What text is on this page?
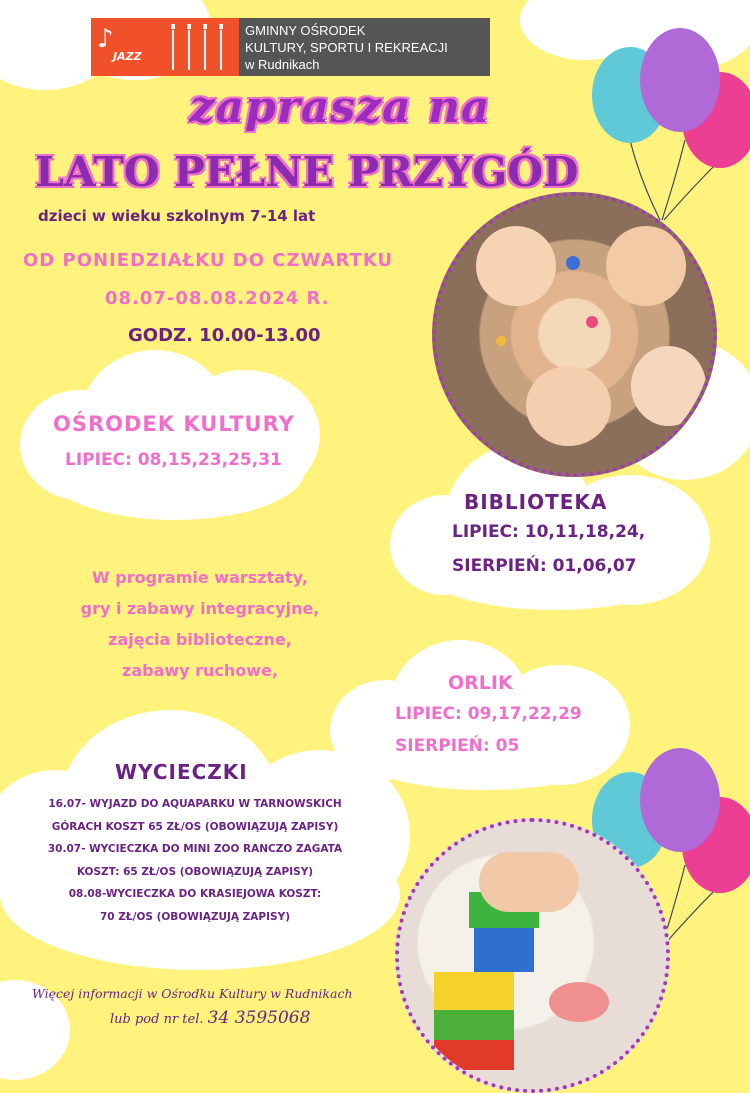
♪
JAZZ
GMINNY OŚRODEK
KULTURY, SPORTU I REKREACJI
w Rudnikach
zaprasza na
LATO PEŁNE PRZYGÓD
dzieci w wieku szkolnym 7-14 lat
OD PONIEDZIAŁKU DO CZWARTKU
08.07-08.08.2024 R.
GODZ. 10.00-13.00
OŚRODEK KULTURY
LIPIEC: 08,15,23,25,31
BIBLIOTEKA
LIPIEC: 10,11,18,24,
SIERPIEŃ: 01,06,07
W programie warsztaty,
gry i zabawy integracyjne,
zajęcia biblioteczne,
zabawy ruchowe,
ORLIK
LIPIEC: 09,17,22,29
SIERPIEŃ: 05
WYCIECZKI
16.07- WYJAZD DO AQUAPARKU W TARNOWSKICH
GÓRACH KOSZT 65 ZŁ/OS (OBOWIĄZUJĄ ZAPISY)
30.07- WYCIECZKA DO MINI ZOO RANCZO ZAGATA
KOSZT: 65 ZŁ/OS (OBOWIĄZUJĄ ZAPISY)
08.08-WYCIECZKA DO KRASIEJOWA KOSZT:
70 ZŁ/OS (OBOWIĄZUJĄ ZAPISY)
Więcej informacji w Ośrodku Kultury w Rudnikach
lub pod nr tel. 34 3595068
